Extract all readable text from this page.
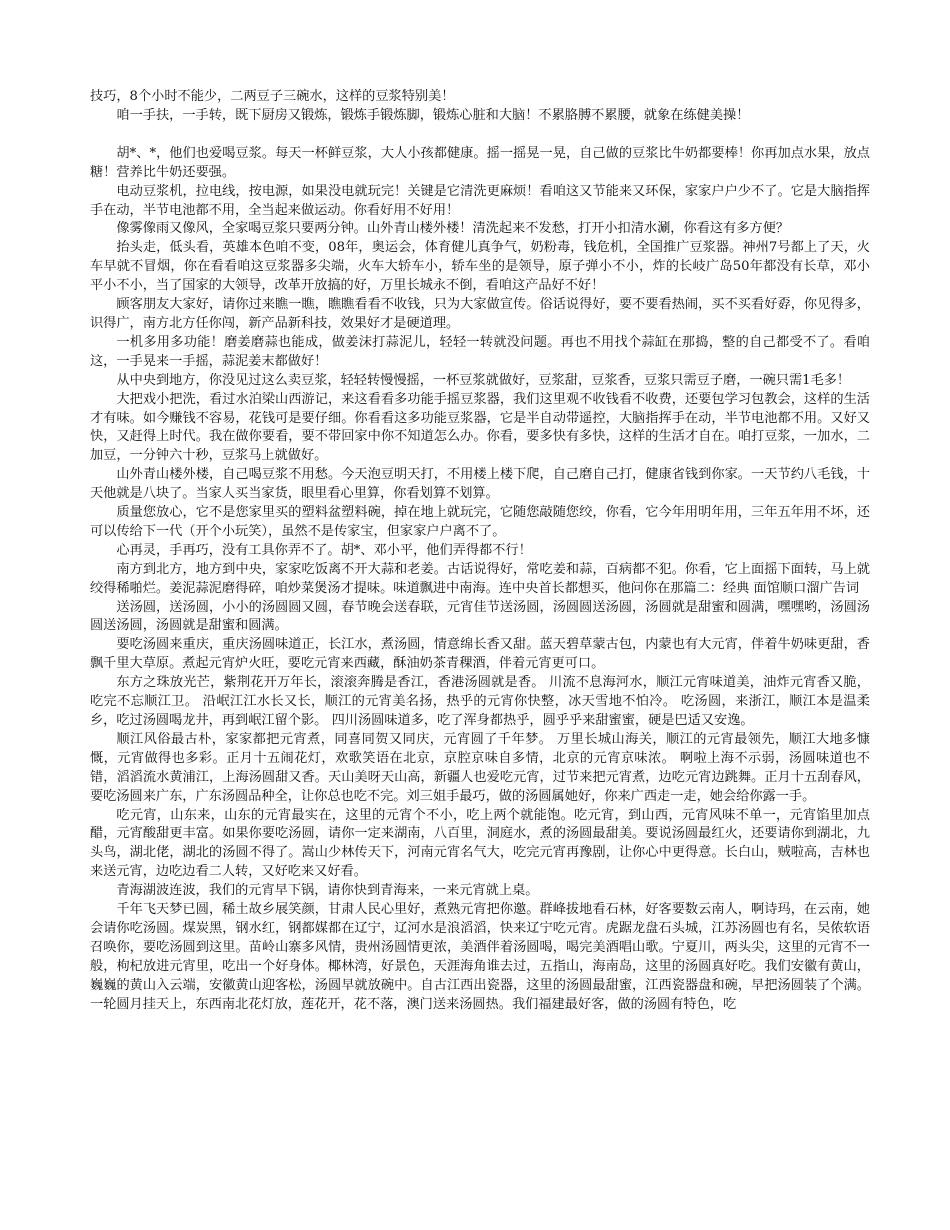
技巧，8个小时不能少，二两豆子三碗水，这样的豆浆特别美！

咱一手扶，一手转，既下厨房又锻炼，锻炼手锻炼脚，锻炼心脏和大脑！不累胳膊不累腰，就象在练健美操！

胡*、*，他们也爱喝豆浆。每天一杯鲜豆浆，大人小孩都健康。摇一摇晃一晃，自己做的豆浆比牛奶都要棒！你再加点水果，放点糖！营养比牛奶还要强。

电动豆浆机，拉电线，按电源，如果没电就玩完！关键是它清洗更麻烦！看咱这又节能来又环保，家家户户少不了。它是大脑指挥手在动，半节电池都不用，全当起来做运动。你看好用不好用！

像雾像雨又像风，全家喝豆浆只要两分钟。山外青山楼外楼！清洗起来不发愁，打开小扣清水涮，你看这有多方便？

抬头走，低头看，英雄本色咱不变，08年，奥运会，体育健儿真争气，奶粉毒，钱危机，全国推广豆浆器。神州7号都上了天，火车早就不冒烟，你在看看咱这豆浆器多尖端，火车大轿车小，轿车坐的是领导，原子弹小不小，炸的长岐广岛50年都没有长草，邓小平小不小，当了国家的大领导，改革开放搞的好，万里长城永不倒，看咱这产品好不好！

顾客朋友大家好，请你过来瞧一瞧，瞧瞧看看不收钱，只为大家做宣传。俗话说得好，要不要看热闹，买不买看好孬，你见得多，识得广，南方北方任你闯，新产品新科技，效果好才是硬道理。

一机多用多功能！磨姜磨蒜也能成，做姜沫打蒜泥儿，轻轻一转就没问题。再也不用找个蒜缸在那捣，整的自己都受不了。看咱这，一手晃来一手摇，蒜泥姜末都做好！

从中央到地方，你没见过这么卖豆浆，轻轻转慢慢摇，一杯豆浆就做好，豆浆甜，豆浆香，豆浆只需豆子磨，一碗只需1毛多！

大把戏小把洗，看过水泊梁山西游记，来这看看多功能手摇豆浆器，我们这里观不收钱看不收费，还要包学习包教会，这样的生活才有味。如今赚钱不容易，花钱可是要仔细。你看看这多功能豆浆器，它是半自动带遥控，大脑指挥手在动，半节电池都不用。又好又快，又赶得上时代。我在做你要看，要不带回家中你不知道怎么办。你看，要多快有多快，这样的生活才自在。咱打豆浆，一加水，二加豆，一分钟六十秒，豆浆马上就做好。

山外青山楼外楼，自己喝豆浆不用愁。今天泡豆明天打，不用楼上楼下爬，自己磨自己打，健康省钱到你家。一天节约八毛钱，十天他就是八块了。当家人买当家货，眼里看心里算，你看划算不划算。

质量您放心，它不是您家里买的塑料盆塑料碗，掉在地上就玩完，它随您敲随您绞，你看，它今年用明年用，三年五年用不坏，还可以传给下一代（开个小玩笑），虽然不是传家宝，但家家户户离不了。

心再灵，手再巧，没有工具你弄不了。胡*、邓小平，他们弄得都不行！

南方到北方，地方到中央，家家吃饭离不开大蒜和老姜。古话说得好，常吃姜和蒜，百病都不犯。你看，它上面摇下面转，马上就绞得稀啪烂。姜泥蒜泥磨得碎，咱炒菜煲汤才提味。味道飘进中南海。连中央首长都想买，他问你在那篇二：经典 面馆顺口溜广告词

送汤圆，送汤圆，小小的汤圆圆又圆，春节晚会送春联，元宵佳节送汤圆，汤圆圆送汤圆，汤圆就是甜蜜和圆满，嘿嘿哟，汤圆汤圆送汤圆，汤圆就是甜蜜和圆满。

要吃汤圆来重庆，重庆汤圆味道正，长江水，煮汤圆，情意绵长香又甜。蓝天碧草蒙古包，内蒙也有大元宵，伴着牛奶味更甜，香飘千里大草原。煮起元宵炉火旺，要吃元宵来西藏，酥油奶茶青稞酒，伴着元宵更可口。

东方之珠放光芒，紫荆花开万年长，滚滚奔腾是香江，香港汤圆就是香。 川流不息海河水，顺江元宵味道美，油炸元宵香又脆，吃完不忘顺江卫。 沿岷江江水长又长，顺江的元宵美名扬，热乎的元宵你快整，冰天雪地不怕冷。 吃汤圆，来浙江，顺江本是温柔乡，吃过汤圆喝龙井，再到岷江留个影。 四川汤圆味道多，吃了浑身都热乎，圆乎乎来甜蜜蜜，硬是巴适又安逸。

顺江风俗最古朴，家家都把元宵煮，同喜同贺又同庆，元宵圆了千年梦。 万里长城山海关，顺江的元宵最领先，顺江大地多慷慨，元宵做得也多彩。正月十五闹花灯，欢歌笑语在北京，京腔京味自多情，北京的元宵京味浓。 啊啦上海不示弱，汤圆味道也不错，滔滔流水黄浦江，上海汤圆甜又香。天山美呀天山高，新疆人也爱吃元宵，过节来把元宵煮，边吃元宵边跳舞。正月十五刮春风，要吃汤圆来广东，广东汤圆品种全，让你总也吃不完。刘三姐手最巧，做的汤圆属她好，你来广西走一走，她会给你露一手。

吃元宵，山东来，山东的元宵最实在，这里的元宵个不小，吃上两个就能饱。吃元宵，到山西，元宵风味不单一，元宵馅里加点醋，元宵酸甜更丰富。如果你要吃汤圆，请你一定来湖南，八百里，洞庭水，煮的汤圆最甜美。要说汤圆最红火，还要请你到湖北，九头鸟，湖北佬，湖北的汤圆不得了。嵩山少林传天下，河南元宵名气大，吃完元宵再豫剧，让你心中更得意。长白山，贼啦高，吉林也来送元宵，边吃边看二人转，又好吃来又好看。

青海湖波连波，我们的元宵早下锅，请你快到青海来，一来元宵就上桌。

千年飞天梦已圆，稀土故乡展笑颜，甘肃人民心里好，煮熟元宵把你邀。群峰拔地看石林，好客要数云南人，啊诗玛，在云南，她会请你吃汤圆。煤炭黑，钢水红，钢都媒都在辽宁，辽河水是浪滔滔，快来辽宁吃元宵。虎踞龙盘石头城，江苏汤圆也有名，吴侬软语召唤你，要吃汤圆到这里。苗岭山寨多风情，贵州汤圆情更浓，美酒伴着汤圆喝，喝完美酒唱山歌。宁夏川，两头尖，这里的元宵不一般，枸杞放进元宵里，吃出一个好身体。椰林湾，好景色，天涯海角谁去过，五指山，海南岛，这里的汤圆真好吃。我们安徽有黄山，巍巍的黄山入云端，安徽黄山迎客松，汤圆早就放碗中。自古江西出瓷器，这里的汤圆最甜蜜，江西瓷器盘和碗，早把汤圆装了个满。一轮圆月挂天上，东西南北花灯放，莲花开，花不落，澳门送来汤圆热。我们福建最好客，做的汤圆有特色，吃
